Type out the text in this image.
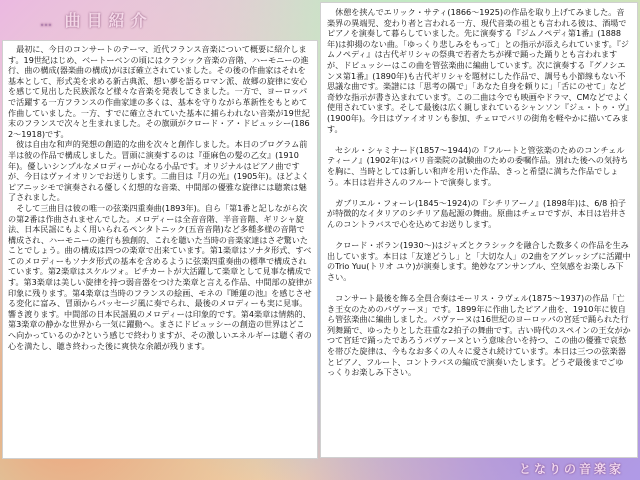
… 曲目紹介

最初に、今日のコンサートのテーマ、近代フランス音楽について概要に紹介します。19世紀はじめ、ベートーベンの頃にはクラシック音楽の音階、ハーモニーの進行、曲の構成(器楽曲の構成)がほぼ確立されていました。その後の作曲家はそれを基本として、形式美を求める新古典派、想い夢を語るロマン派、故郷の旋律に安心を感じて見出した民族派など様々な音楽を発表してきました。一方で、ヨーロッパで活躍する一方フランスの作曲家達の多くは、基本を守りながら革新性をもとめて作曲していました。一方、すでに確立されていた基本に捕らわれない音楽が19世紀末のフランスで次々と生まれました。その旗頭がクロード・ア・ドビュッシー(1862〜1918)です。

彼は自由な和声的発想の創造的な曲を次々と創作しました。本日のプログラム前半は彼の作品で構成しました。冒頭に演奏するのは『亜麻色の髪の乙女』(1910年)。優しいシンプルなメロディーが心なる小品です。オリジナルはピアノ曲ですが、今日はヴァイオリンでお送りします。二曲目は『月の光』(1905年)。ほどよくピアニッシモで演奏される優しく幻想的な音楽、中間部の優雅な旋律には聴衆は魅了されました。

そして三曲目は彼の唯一の弦楽四重奏曲(1893年)。自ら「第1番と記しながら次の第2番は作曲されませんでした。メロディーは全音音階、半音音階、ギリシャ旋法、日本民謡にもよく用いられるペンタトニック(五音音階)など多種多様の音階で構成され、ハーモニーの進行も独創的、これを聴いた当時の音楽家達はさぞ驚いたことでしょう。曲の構成は四つの楽章で出来ています。第1楽章はソナタ形式、すべてのメロディーもソナタ形式の基本を含めるように弦楽四重奏曲の標準で構成されています。第2楽章はスケルツォ。ピチカートが大活躍して楽章として見事な構成です。第3楽章は美しい旋律を持つ弱音器をつけた楽章と言える作品、中間部の旋律が印象に残ります。第4楽章は当時のフランスの絵画、モネの『睡蓮の池』を感じさせる変化に富み、冒頭からパッセージ風に奏でられ、最後のメロディーも実に見事。響き渡ります。中間部の日本民謡風のメロディーは印象的です。第4楽章は情熱的、第3楽章の静かな世界から一気に躍動へ。まさにドビュッシーの創造の世界はどこへ向かっているのか?という感じで終わりますが、その激しいエネルギーは聴く者の心を満たし、聴き終わった後に爽快な余韻が残ります。

休憩を挟んでエリック・サティ(1866〜1925)の作品を取り上げてみました。音楽界の異端児、変わり者と言われる一方、現代音楽の祖とも言われる彼は、酒場でピアノを演奏して暮らしていました。先に演奏する『ジムノペディ第1番』(1888年)は抑揚のない曲。「ゆっくり悲しみをもって」との指示が添えられています。『ジムノペディ』は古代ギリシャの祭典で若者たちが裸で踊った踊りとも言われますが、ドビュッシーはこの曲を管弦楽曲に編曲しています。次に演奏する『グノシエンヌ第1番』(1890年)も古代ギリシャを題材にした作品で、調号も小節線もない不思議な曲です。楽譜には「思考の隅で」「あなた自身を頼りに」「舌にのせて」など奇妙な指示が書き込まれています。この二曲は今でも映画やドラマ、CMなどでよく使用されています。そして最後は広く親しまれているシャンソン『ジュ・トゥ・ヴ』(1900年)。今日はヴァイオリンも参加、チェロでバリの街角を軽やかに描いてみます。

セシル・シャミナード(1857〜1944)の『フルートと管弦楽のためのコンチェルティーノ』(1902年)はパリ音楽院の試験曲のための委嘱作品。別れた後への気持ちを胸に、当時としては新しい和声を用いた作品、きっと希望に満ちた作品でしょう。本日は岩井さんのフルートで演奏します。

ガブリエル・フォーレ(1845〜1924)の『シチリアーノ』(1898年)は、6/8 拍子が特徴的なイタリアのシチリア島起源の舞曲。原曲はチェロですが、本日は岩井さんのコントラバスで心を込めてお送りします。

クロード・ボラン(1930〜)はジャズとクラシックを融合した数多くの作品を生み出しています。本日は「友達どうし」と「大切な人」の2曲をアグレッシブに活躍中のTrio Yuu(トリオ ユウ)が演奏します。絶妙なアンサンブル、空気感をお楽しみ下さい。

コンサート最後を飾る全員合奏はモーリス・ラヴェル(1875〜1937)の作品「亡き王女のためのパヴァーヌ」です。1899年に作曲したピアノ曲を、1910年に彼自ら管弦楽曲に編曲しました。パヴァーヌは16世紀のヨーロッパの宮廷で踊られた行列舞踊で、ゆったりとした荘重な2拍子の舞曲です。古い時代のスペインの王女がかつて宮廷で踊ったであろうパヴァーヌという意味合いを持つ、この曲の優雅で哀愁を帯びた旋律は、今もなお多くの人々に愛され続けています。本日は三つの弦楽器とピアノ、フルート、コントラバスの編成で演奏いたします。どうぞ最後までごゆっくりお楽しみ下さい。

となりの音楽家
